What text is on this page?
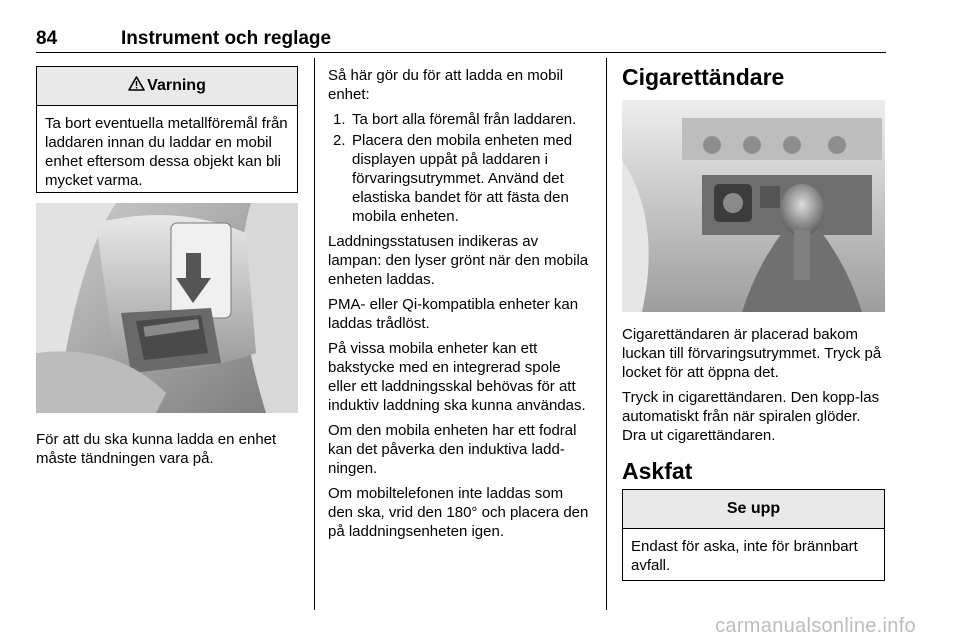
84	Instrument och reglage
Varning
Ta bort eventuella metallföremål från laddaren innan du laddar en mobil enhet eftersom dessa objekt kan bli mycket varma.
För att du ska kunna ladda en enhet måste tändningen vara på.

Så här gör du för att ladda en mobil enhet:

1. Ta bort alla föremål från laddaren.
2. Placera den mobila enheten med displayen uppåt på laddaren i förvaringsutrymmet. Använd det elastiska bandet för att fästa den mobila enheten.

Laddningsstatusen indikeras av lampan: den lyser grönt när den mobila enheten laddas.

PMA- eller Qi-kompatibla enheter kan laddas trådlöst.

På vissa mobila enheter kan ett bakstycke med en integrerad spole eller ett laddningsskal behövas för att induktiv laddning ska kunna användas.

Om den mobila enheten har ett fodral kan det påverka den induktiva ladd-ningen.

Om mobiltelefonen inte laddas som den ska, vrid den 180° och placera den på laddningsenheten igen.

Cigarettändare

Cigarettändaren är placerad bakom luckan till förvaringsutrymmet. Tryck på locket för att öppna det.

Tryck in cigarettändaren. Den kopp-las automatiskt från när spiralen glöder. Dra ut cigarettändaren.

Askfat
Se upp
Endast för aska, inte för brännbart avfall.
carmanualsonline.info
